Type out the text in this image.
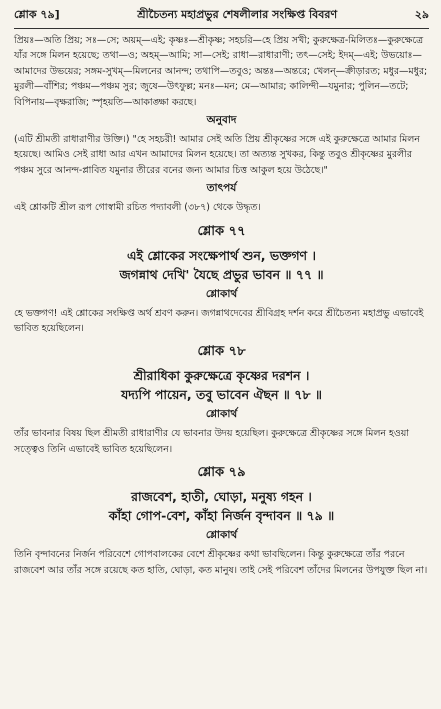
শ্লোক ৭৯]	শ্রীচৈতন্য মহাপ্রভুর শেষলীলার সংক্ষিপ্ত বিবরণ	২৯

প্রিয়ঃ—অতি প্রিয়; সঃ—সে; অয়ম্—এই; কৃষ্ণঃ—শ্রীকৃষ্ণ; সহচরি—হে প্রিয় সখী; কুরুক্ষেত্র-মিলিতঃ—কুরুক্ষেত্রে যাঁর সঙ্গে মিলন হয়েছে; তথা—ও; অহম্—আমি; সা—সেই; রাধা—রাধারাণী; তৎ—সেই; ইদম্—এই; উভয়োঃ—আমাদের উভয়ের; সঙ্গম-সুখম্—মিলনের আনন্দ; তথাপি—তবুও; অন্তঃ—অন্তরে; খেলন্—ক্রীড়ারত; মধুর—মধুর; মুরলী—বাঁশির; পঞ্চম—পঞ্চম সুর; জুষে—উৎফুল্ল; মনঃ—মন; মে—আমার; কালিন্দী—যমুনার; পুলিন—তটে; বিপিনায়—বৃক্ষরাজি; স্পৃহয়তি—আকাঙ্ক্ষা করছে।

অনুবাদ

(এটি শ্রীমতী রাধারাণীর উক্তি।) "হে সহচরী! আমার সেই অতি প্রিয় শ্রীকৃষ্ণের সঙ্গে এই কুরুক্ষেত্রে আমার মিলন হয়েছে। আমিও সেই রাধা আর এখন আমাদের মিলন হয়েছে। তা অত্যন্ত সুখকর, কিন্তু তবুও শ্রীকৃষ্ণের মুরলীর পঞ্চম সুরে আনন্দ-প্লাবিত যমুনার তীরের বনের জন্য আমার চিত্ত আকুল হয়ে উঠেছে।"

তাৎপর্য

এই শ্লোকটি শ্রীল রূপ গোস্বামী রচিত পদ্যাবলী (৩৮৭) থেকে উদ্ধৃত।

শ্লোক ৭৭

এই শ্লোকের সংক্ষেপার্থ শুন, ভক্তগণ ।

জগন্নাথ দেখি' যৈছে প্রভুর ভাবন ॥ ৭৭ ॥

শ্লোকার্থ

হে ভক্তগণ! এই শ্লোকের সংক্ষিপ্ত অর্থ শ্রবণ করুন। জগন্নাথদেবের শ্রীবিগ্রহ দর্শন করে শ্রীচৈতন্য মহাপ্রভু এভাবেই ভাবিত হয়েছিলেন।

শ্লোক ৭৮

শ্রীরাধিকা কুরুক্ষেত্রে কৃষ্ণের দরশন ।

যদ্যপি পায়েন, তবু ভাবেন ঐছন ॥ ৭৮ ॥

শ্লোকার্থ

তাঁর ভাবনার বিষয় ছিল শ্রীমতী রাধারাণীর যে ভাবনার উদয় হয়েছিল। কুরুক্ষেত্রে শ্রীকৃষ্ণের সঙ্গে মিলন হওয়া সত্ত্বেও তিনি এভাবেই ভাবিত হয়েছিলেন।

শ্লোক ৭৯

রাজবেশ, হাতী, ঘোড়া, মনুষ্য গহন ।

কাঁহা গোপ-বেশ, কাঁহা নির্জন বৃন্দাবন ॥ ৭৯ ॥

শ্লোকার্থ

তিনি বৃন্দাবনের নির্জন পরিবেশে গোপবালকের বেশে শ্রীকৃষ্ণের কথা ভাবছিলেন। কিন্তু কুরুক্ষেত্রে তাঁর পরনে রাজবেশ আর তাঁর সঙ্গে রয়েছে কত হাতি, ঘোড়া, কত মানুষ। তাই সেই পরিবেশ তাঁদের মিলনের উপযুক্ত ছিল না।
